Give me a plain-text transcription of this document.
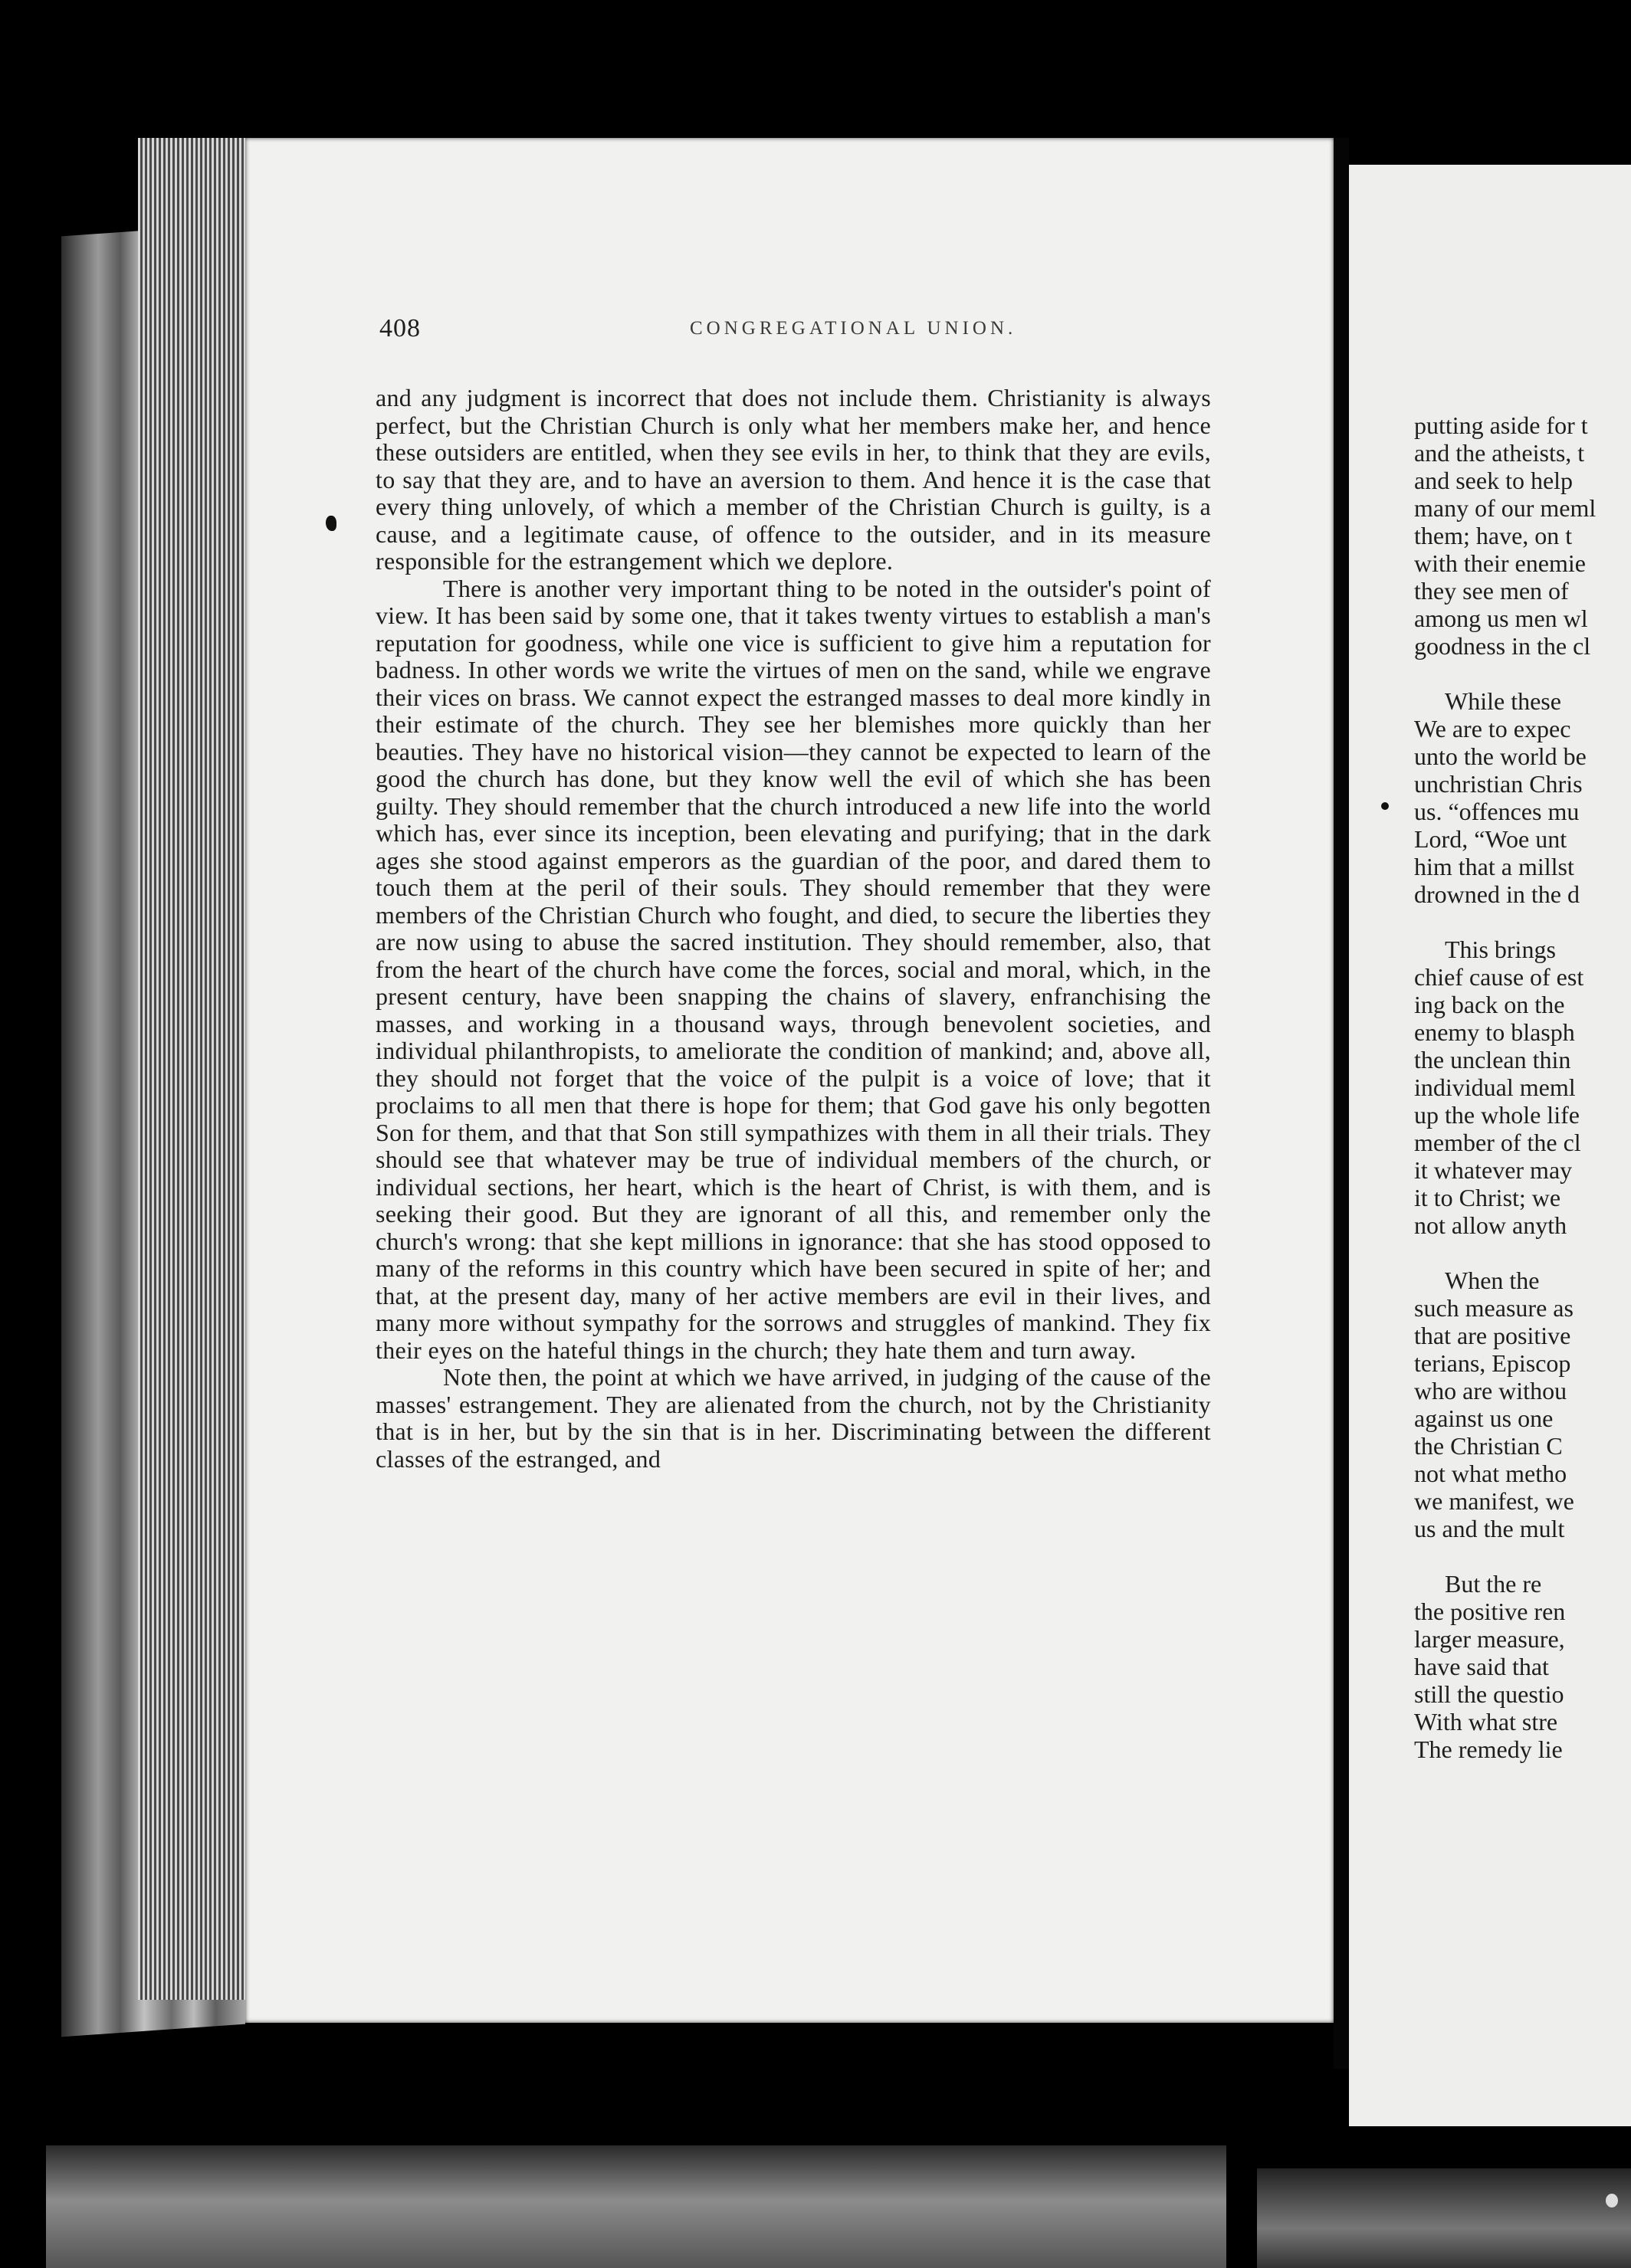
408	CONGREGATIONAL UNION.

and any judgment is incorrect that does not include them. Christianity is always perfect, but the Christian Church is only what her members make her, and hence these outsiders are entitled, when they see evils in her, to think that they are evils, to say that they are, and to have an aversion to them. And hence it is the case that every thing unlovely, of which a member of the Christian Church is guilty, is a cause, and a legitimate cause, of offence to the outsider, and in its measure responsible for the estrangement which we deplore.

There is another very important thing to be noted in the outsider's point of view. It has been said by some one, that it takes twenty virtues to establish a man's reputation for goodness, while one vice is sufficient to give him a reputation for badness. In other words we write the virtues of men on the sand, while we engrave their vices on brass. We cannot expect the estranged masses to deal more kindly in their estimate of the church. They see her blemishes more quickly than her beauties. They have no historical vision—they cannot be expected to learn of the good the church has done, but they know well the evil of which she has been guilty. They should remember that the church introduced a new life into the world which has, ever since its inception, been elevating and purifying; that in the dark ages she stood against emperors as the guardian of the poor, and dared them to touch them at the peril of their souls. They should remember that they were members of the Christian Church who fought, and died, to secure the liberties they are now using to abuse the sacred institution. They should remember, also, that from the heart of the church have come the forces, social and moral, which, in the present century, have been snapping the chains of slavery, enfranchising the masses, and working in a thousand ways, through benevolent societies, and individual philanthropists, to ameliorate the condition of mankind; and, above all, they should not forget that the voice of the pulpit is a voice of love; that it proclaims to all men that there is hope for them; that God gave his only begotten Son for them, and that that Son still sympathizes with them in all their trials. They should see that whatever may be true of individual members of the church, or individual sections, her heart, which is the heart of Christ, is with them, and is seeking their good. But they are ignorant of all this, and remember only the church's wrong: that she kept millions in ignorance: that she has stood opposed to many of the reforms in this country which have been secured in spite of her; and that, at the present day, many of her active members are evil in their lives, and many more without sympathy for the sorrows and struggles of mankind. They fix their eyes on the hateful things in the church; they hate them and turn away.

Note then, the point at which we have arrived, in judging of the cause of the masses' estrangement. They are alienated from the church, not by the Christianity that is in her, but by the sin that is in her. Discriminating between the different classes of the estranged, and

putting aside for t
and the atheists, t
and seek to help
many of our meml
them; have, on t
with their enemie
they see men of
among us men wl
goodness in the cl
While these
We are to expec
unto the world be
unchristian Chris
us. “offences mu
Lord, “Woe unt
him that a millst
drowned in the d
This brings
chief cause of est
ing back on the
enemy to blasph
the unclean thin
individual meml
up the whole life
member of the cl
it whatever may
it to Christ; we
not allow anyth
When the
such measure as
that are positive
terians, Episcop
who are withou
against us one
the Christian C
not what metho
we manifest, we
us and the mult
But the re
the positive ren
larger measure,
have said that
still the questio
With what stre
The remedy lie
